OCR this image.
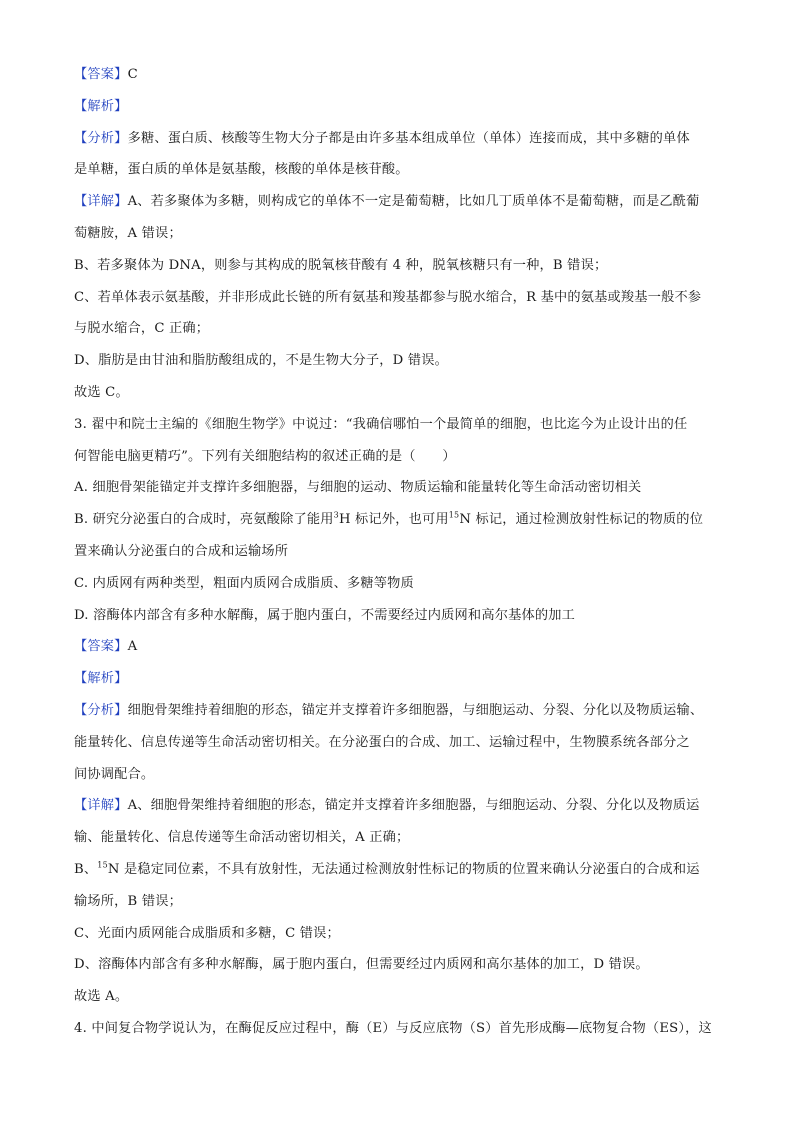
【答案】C
【解析】
【分析】多糖、蛋白质、核酸等生物大分子都是由许多基本组成单位（单体）连接而成，其中多糖的单体
是单糖，蛋白质的单体是氨基酸，核酸的单体是核苷酸。
【详解】A、若多聚体为多糖，则构成它的单体不一定是葡萄糖，比如几丁质单体不是葡萄糖，而是乙酰葡
萄糖胺，A 错误；
B、若多聚体为 DNA，则参与其构成的脱氧核苷酸有 4 种，脱氧核糖只有一种，B 错误；
C、若单体表示氨基酸，并非形成此长链的所有氨基和羧基都参与脱水缩合，R 基中的氨基或羧基一般不参
与脱水缩合，C 正确；
D、脂肪是由甘油和脂肪酸组成的，不是生物大分子，D 错误。
故选 C。
3. 翟中和院士主编的《细胞生物学》中说过：“我确信哪怕一个最简单的细胞，也比迄今为止设计出的任
何智能电脑更精巧”。下列有关细胞结构的叙述正确的是（　　）
A. 细胞骨架能锚定并支撑许多细胞器，与细胞的运动、物质运输和能量转化等生命活动密切相关
B. 研究分泌蛋白的合成时，亮氨酸除了能用$^3$H 标记外，也可用$^{15}$N 标记，通过检测放射性标记的物质的位
置来确认分泌蛋白的合成和运输场所
C. 内质网有两种类型，粗面内质网合成脂质、多糖等物质
D. 溶酶体内部含有多种水解酶，属于胞内蛋白，不需要经过内质网和高尔基体的加工
【答案】A
【解析】
【分析】细胞骨架维持着细胞的形态，锚定并支撑着许多细胞器，与细胞运动、分裂、分化以及物质运输、
能量转化、信息传递等生命活动密切相关。在分泌蛋白的合成、加工、运输过程中，生物膜系统各部分之
间协调配合。
【详解】A、细胞骨架维持着细胞的形态，锚定并支撑着许多细胞器，与细胞运动、分裂、分化以及物质运
输、能量转化、信息传递等生命活动密切相关，A 正确；
B、$^{15}$N 是稳定同位素，不具有放射性，无法通过检测放射性标记的物质的位置来确认分泌蛋白的合成和运
输场所，B 错误；
C、光面内质网能合成脂质和多糖，C 错误；
D、溶酶体内部含有多种水解酶，属于胞内蛋白，但需要经过内质网和高尔基体的加工，D 错误。
故选 A。
4. 中间复合物学说认为，在酶促反应过程中，酶（E）与反应底物（S）首先形成酶—底物复合物（ES），这
